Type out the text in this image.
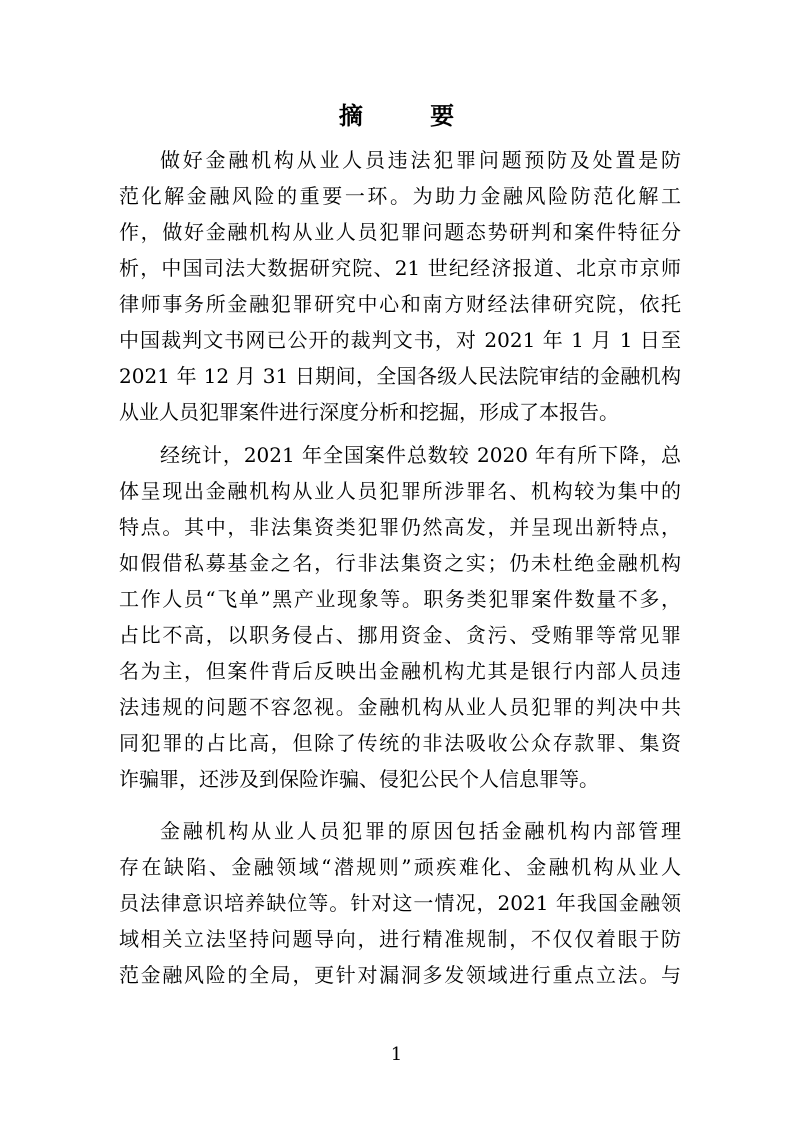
摘　要
做好金融机构从业人员违法犯罪问题预防及处置是防
范化解金融风险的重要一环。为助力金融风险防范化解工
作，做好金融机构从业人员犯罪问题态势研判和案件特征分
析，中国司法大数据研究院、21 世纪经济报道、北京市京师
律师事务所金融犯罪研究中心和南方财经法律研究院，依托
中国裁判文书网已公开的裁判文书，对 2021 年 1 月 1 日至
2021 年 12 月 31 日期间，全国各级人民法院审结的金融机构
从业人员犯罪案件进行深度分析和挖掘，形成了本报告。
经统计，2021 年全国案件总数较 2020 年有所下降，总
体呈现出金融机构从业人员犯罪所涉罪名、机构较为集中的
特点。其中，非法集资类犯罪仍然高发，并呈现出新特点，
如假借私募基金之名，行非法集资之实；仍未杜绝金融机构
工作人员“飞单”黑产业现象等。职务类犯罪案件数量不多，
占比不高，以职务侵占、挪用资金、贪污、受贿罪等常见罪
名为主，但案件背后反映出金融机构尤其是银行内部人员违
法违规的问题不容忽视。金融机构从业人员犯罪的判决中共
同犯罪的占比高，但除了传统的非法吸收公众存款罪、集资
诈骗罪，还涉及到保险诈骗、侵犯公民个人信息罪等。
金融机构从业人员犯罪的原因包括金融机构内部管理
存在缺陷、金融领域“潜规则”顽疾难化、金融机构从业人
员法律意识培养缺位等。针对这一情况，2021 年我国金融领
域相关立法坚持问题导向，进行精准规制，不仅仅着眼于防
范金融风险的全局，更针对漏洞多发领域进行重点立法。与
1
